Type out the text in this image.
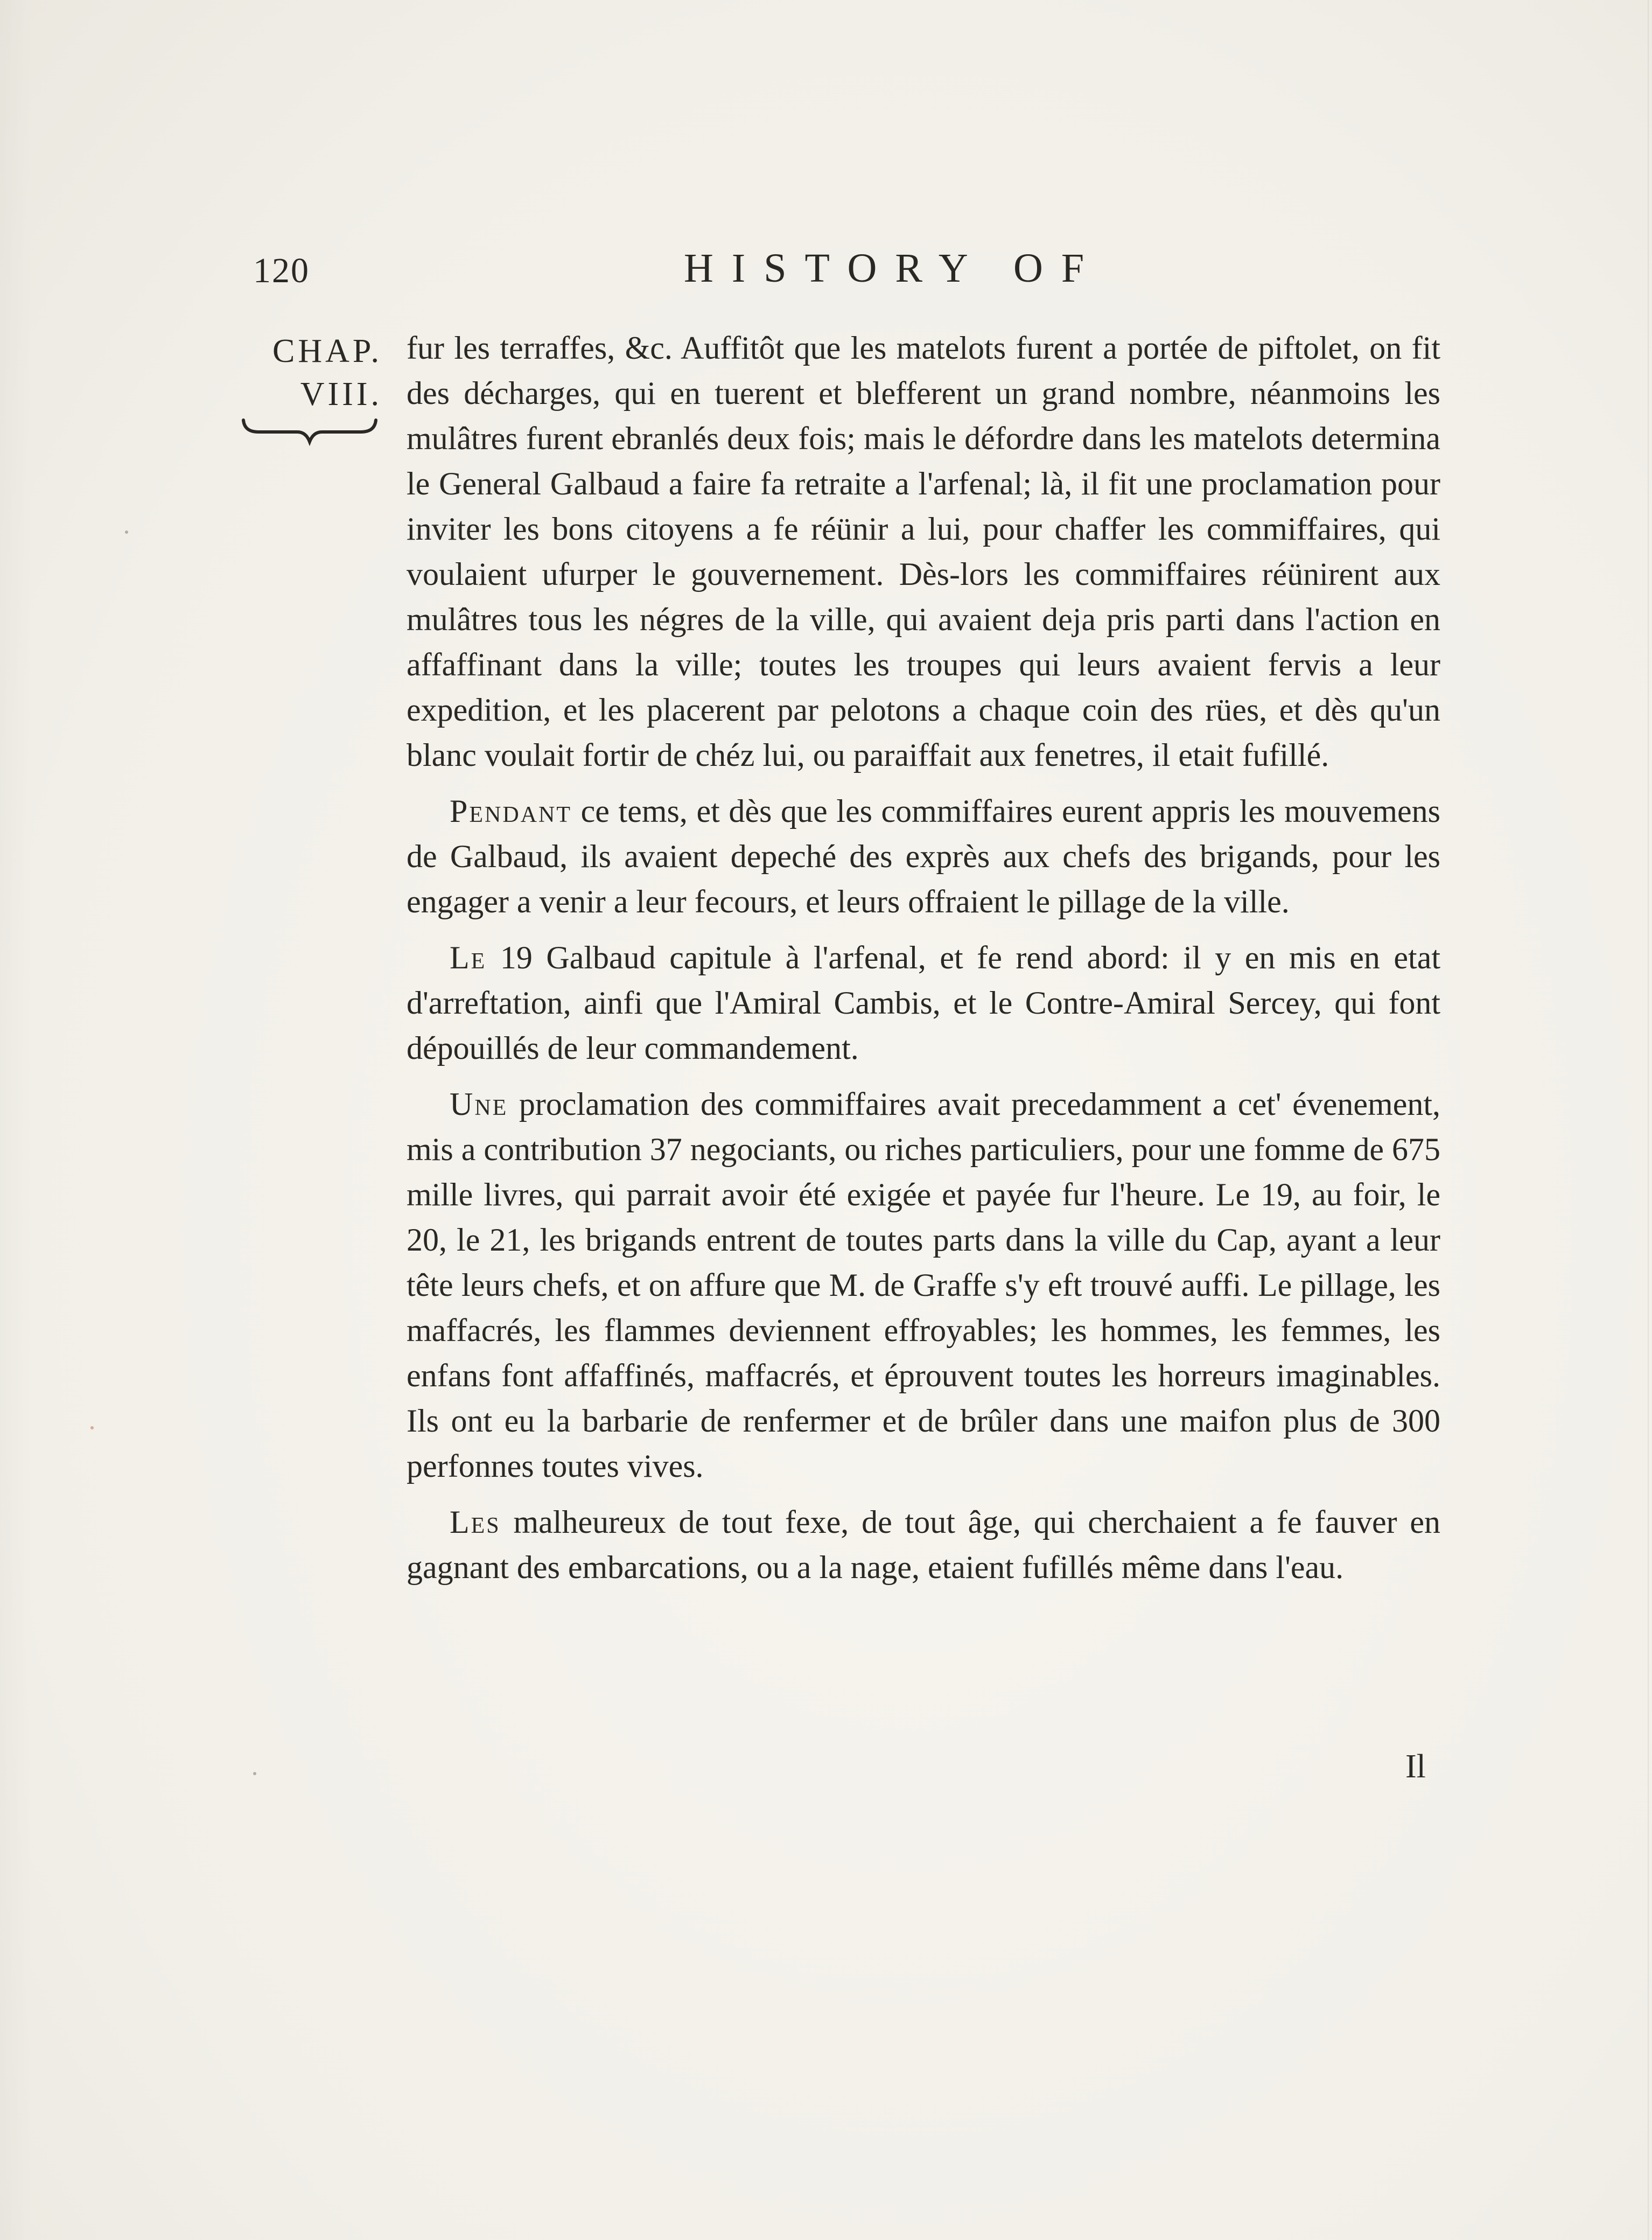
120	HISTORY OF
CHAP.
VIII.

fur les terraffes, &c. Auffitôt que les matelots furent a portée de piftolet, on fit des décharges, qui en tuerent et blefferent un grand nombre, néanmoins les mulâtres furent ebranlés deux fois; mais le défordre dans les matelots determina le General Galbaud a faire fa retraite a l'arfenal; là, il fit une proclamation pour inviter les bons citoyens a fe réünir a lui, pour chaffer les commiffaires, qui voulaient ufurper le gouvernement. Dès-lors les commiffaires réünirent aux mulâtres tous les négres de la ville, qui avaient deja pris parti dans l'action en affaffinant dans la ville; toutes les troupes qui leurs avaient fervis a leur expedition, et les placerent par pelotons a chaque coin des rües, et dès qu'un blanc voulait fortir de chéz lui, ou paraiffait aux fenetres, il etait fufillé.

Pendant ce tems, et dès que les commiffaires eurent appris les mouvemens de Galbaud, ils avaient depeché des exprès aux chefs des brigands, pour les engager a venir a leur fecours, et leurs offraient le pillage de la ville.

Le 19 Galbaud capitule à l'arfenal, et fe rend abord: il y en mis en etat d'arreftation, ainfi que l'Amiral Cambis, et le Contre-Amiral Sercey, qui font dépouillés de leur commandement.

Une proclamation des commiffaires avait precedamment a cet' évenement, mis a contribution 37 negociants, ou riches particuliers, pour une fomme de 675 mille livres, qui parrait avoir été exigée et payée fur l'heure. Le 19, au foir, le 20, le 21, les brigands entrent de toutes parts dans la ville du Cap, ayant a leur tête leurs chefs, et on affure que M. de Graffe s'y eft trouvé auffi. Le pillage, les maffacrés, les flammes deviennent effroyables; les hommes, les femmes, les enfans font affaffinés, maffacrés, et éprouvent toutes les horreurs imaginables. Ils ont eu la barbarie de renfermer et de brûler dans une maifon plus de 300 perfonnes toutes vives.

Les malheureux de tout fexe, de tout âge, qui cherchaient a fe fauver en gagnant des embarcations, ou a la nage, etaient fufillés même dans l'eau.

Il
